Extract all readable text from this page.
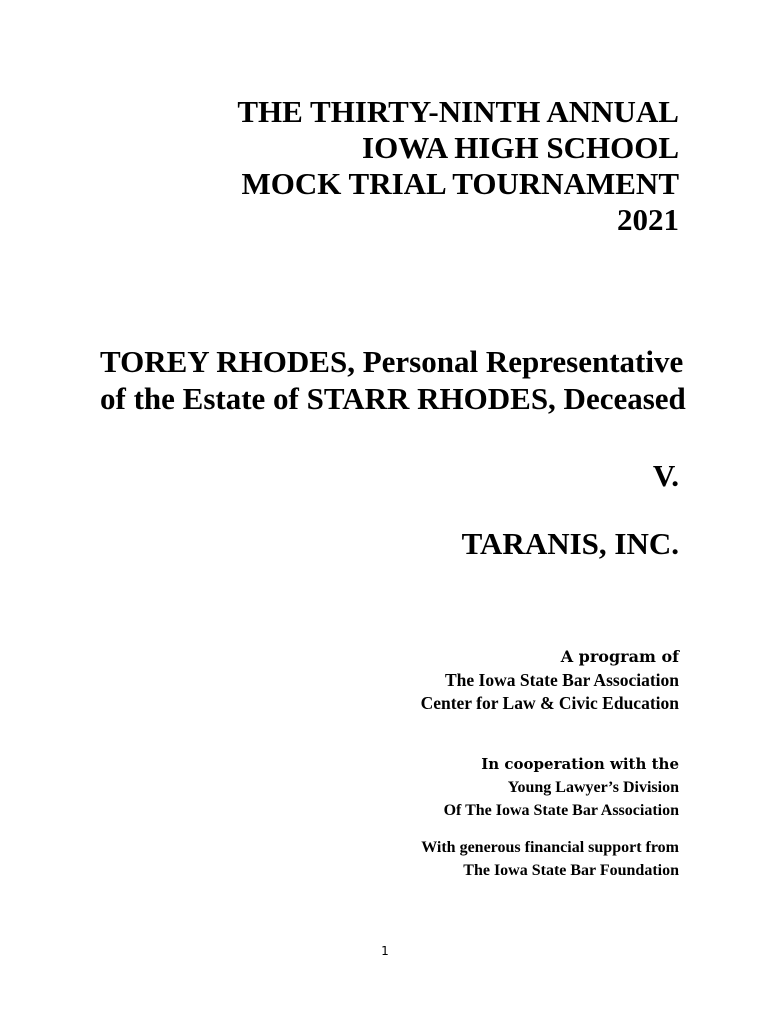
THE THIRTY-NINTH ANNUAL
IOWA HIGH SCHOOL
MOCK TRIAL TOURNAMENT
2021
TOREY RHODES, Personal Representative
of the Estate of STARR RHODES, Deceased
V.
TARANIS, INC.
A program of
The Iowa State Bar Association
Center for Law & Civic Education
In cooperation with the
Young Lawyer’s Division
Of The Iowa State Bar Association
With generous financial support from
The Iowa State Bar Foundation
1
